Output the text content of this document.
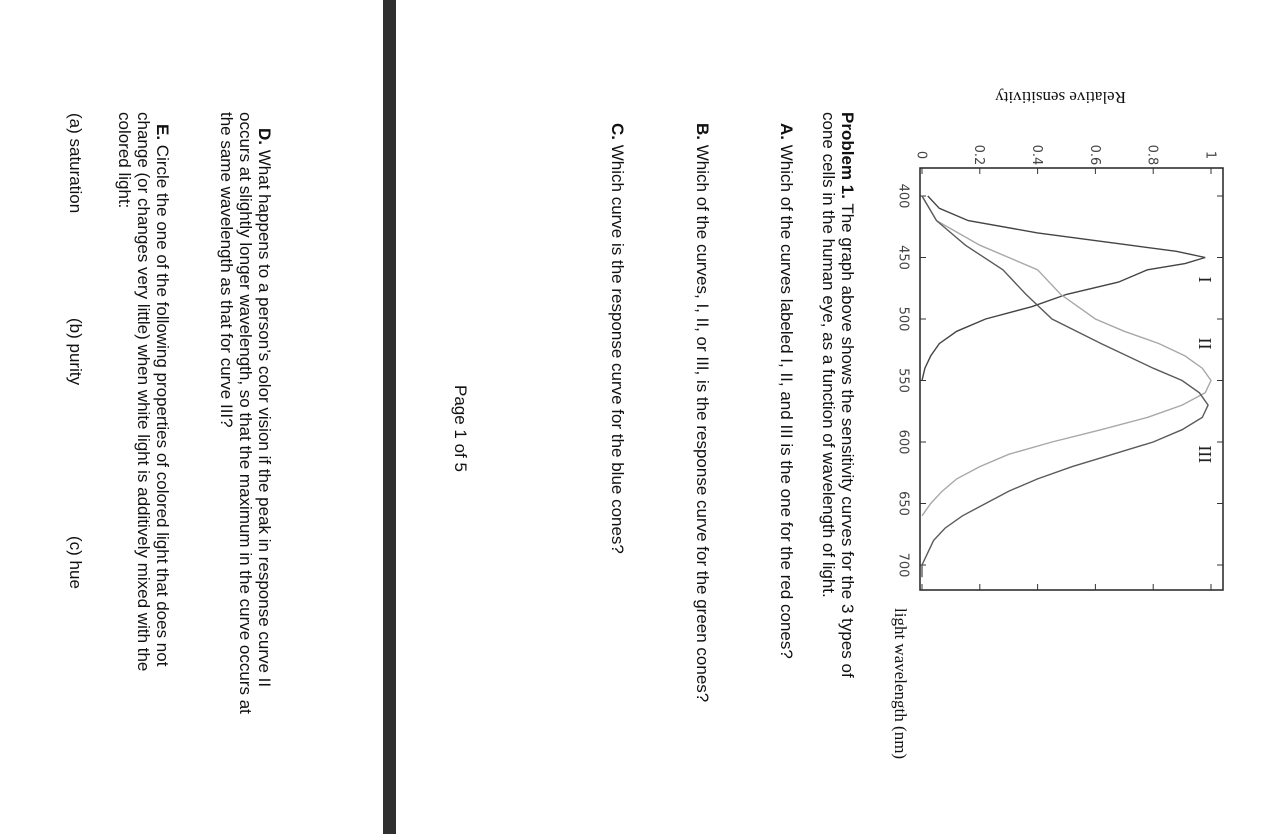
400
450
500
550
600
650
700
0	0.2	0.4	0.6	0.8	1
I
II
III
Relative sensitivity
light wavelength (nm)
Problem 1. The graph above shows the sensitivity curves for the 3 types of
cone cells in the human eye, as a function of wavelength of light.
A. Which of the curves labeled I, II, and III is the one for the red cones?
B. Which of the curves, I, II, or III, is the response curve for the green cones?
C. Which curve is the response curve for the blue cones?
Page 1 of 5
D. What happens to a person’s color vision if the peak in response curve II
occurs at slightly longer wavelength, so that the maximum in the curve occurs at
the same wavelength as that for curve III?
E. Circle the one of the following properties of colored light that does not
change (or changes very little) when white light is additively mixed with the
colored light:
(a) saturation
(b) purity
(c) hue
